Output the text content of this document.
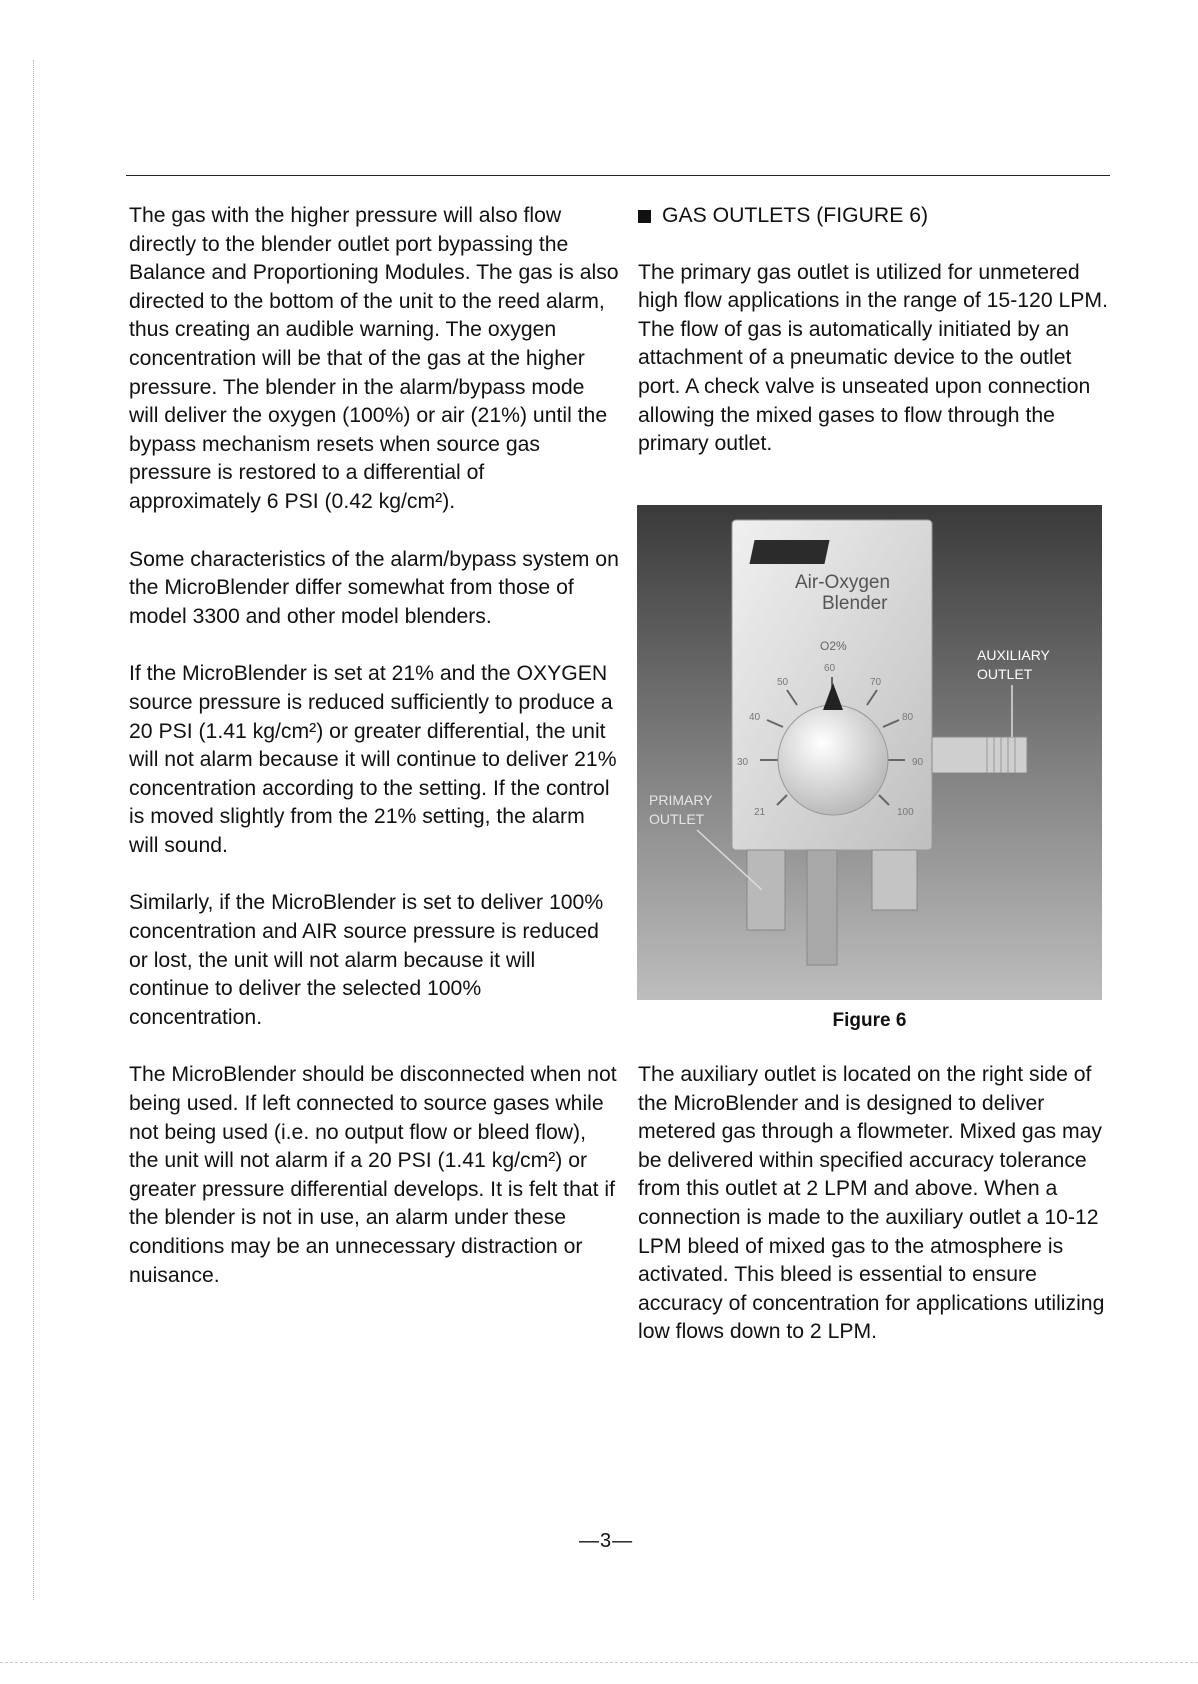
The gas with the higher pressure will also flow directly to the blender outlet port bypassing the Balance and Proportioning Modules. The gas is also directed to the bottom of the unit to the reed alarm, thus creating an audible warning. The oxygen concentration will be that of the gas at the higher pressure. The blender in the alarm/bypass mode will deliver the oxygen (100%) or air (21%) until the bypass mechanism resets when source gas pressure is restored to a differential of approximately 6 PSI (0.42 kg/cm²).

Some characteristics of the alarm/bypass system on the MicroBlender differ somewhat from those of model 3300 and other model blenders.

If the MicroBlender is set at 21% and the OXYGEN source pressure is reduced sufficiently to produce a 20 PSI (1.41 kg/cm²) or greater differential, the unit will not alarm because it will continue to deliver 21% concentration according to the setting. If the control is moved slightly from the 21% setting, the alarm will sound.

Similarly, if the MicroBlender is set to deliver 100% concentration and AIR source pressure is reduced or lost, the unit will not alarm because it will continue to deliver the selected 100% concentration.

The MicroBlender should be disconnected when not being used. If left connected to source gases while not being used (i.e. no output flow or bleed flow), the unit will not alarm if a 20 PSI (1.41 kg/cm²) or greater pressure differential develops. It is felt that if the blender is not in use, an alarm under these conditions may be an unnecessary distraction or nuisance.

GAS OUTLETS (FIGURE 6)

The primary gas outlet is utilized for unmetered high flow applications in the range of 15-120 LPM. The flow of gas is automatically initiated by an attachment of a pneumatic device to the outlet port. A check valve is unseated upon connection allowing the mixed gases to flow through the primary outlet.

Air-Oxygen
Blender
O2%
21
30
40
50
60
70
80
90
100
AUXILIARY
OUTLET
PRIMARY
OUTLET
Figure 6
The auxiliary outlet is located on the right side of the MicroBlender and is designed to deliver metered gas through a flowmeter. Mixed gas may be delivered within specified accuracy tolerance from this outlet at 2 LPM and above. When a connection is made to the auxiliary outlet a 10-12 LPM bleed of mixed gas to the atmosphere is activated. This bleed is essential to ensure accuracy of concentration for applications utilizing low flows down to 2 LPM.
—3—
